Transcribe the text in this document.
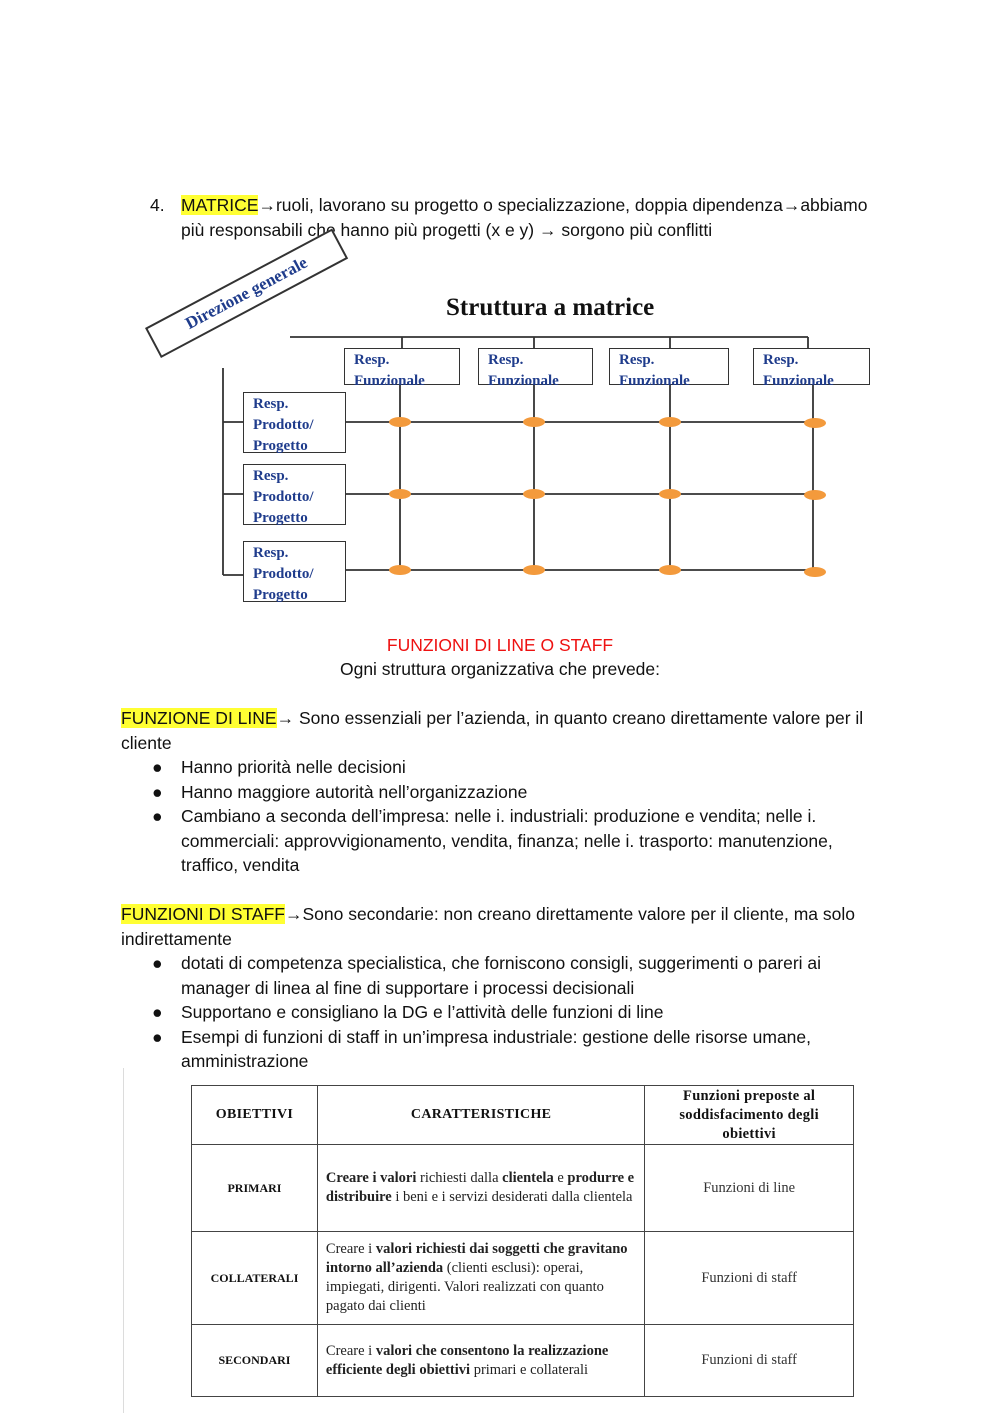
4. MATRICE→ruoli, lavorano su progetto o specializzazione, doppia dipendenza→abbiamo più responsabili che hanno più progetti (x e y) → sorgono più conflitti
Struttura a matrice
Direzione generale
Resp.
Funzionale
Resp.
Funzionale
Resp.
Funzionale
Resp.
Funzionale
Resp.
Prodotto/
Progetto
Resp.
Prodotto/
Progetto
Resp.
Prodotto/
Progetto
FUNZIONI DI LINE O STAFF
Ogni struttura organizzativa che prevede:
FUNZIONE DI LINE→ Sono essenziali per l’azienda, in quanto creano direttamente valore per il cliente
● Hanno priorità nelle decisioni
● Hanno maggiore autorità nell’organizzazione
● Cambiano a seconda dell’impresa: nelle i. industriali: produzione e vendita; nelle i. commerciali: approvvigionamento, vendita, finanza; nelle i. trasporto: manutenzione, traffico, vendita
FUNZIONI DI STAFF→Sono secondarie: non creano direttamente valore per il cliente, ma solo indirettamente
● dotati di competenza specialistica, che forniscono consigli, suggerimenti o pareri ai manager di linea al fine di supportare i processi decisionali
● Supportano e consigliano la DG e l’attività delle funzioni di line
● Esempi di funzioni di staff in un’impresa industriale: gestione delle risorse umane, amministrazione
OBIETTIVI	CARATTERISTICHE	Funzioni preposte al soddisfacimento degli obiettivi
PRIMARI	Creare i valori richiesti dalla clientela e produrre e distribuire i beni e i servizi desiderati dalla clientela	Funzioni di line
COLLATERALI	Creare i valori richiesti dai soggetti che gravitano intorno all’azienda (clienti esclusi): operai, impiegati, dirigenti. Valori realizzati con quanto pagato dai clienti	Funzioni di staff
SECONDARI	Creare i valori che consentono la realizzazione efficiente degli obiettivi primari e collaterali	Funzioni di staff
